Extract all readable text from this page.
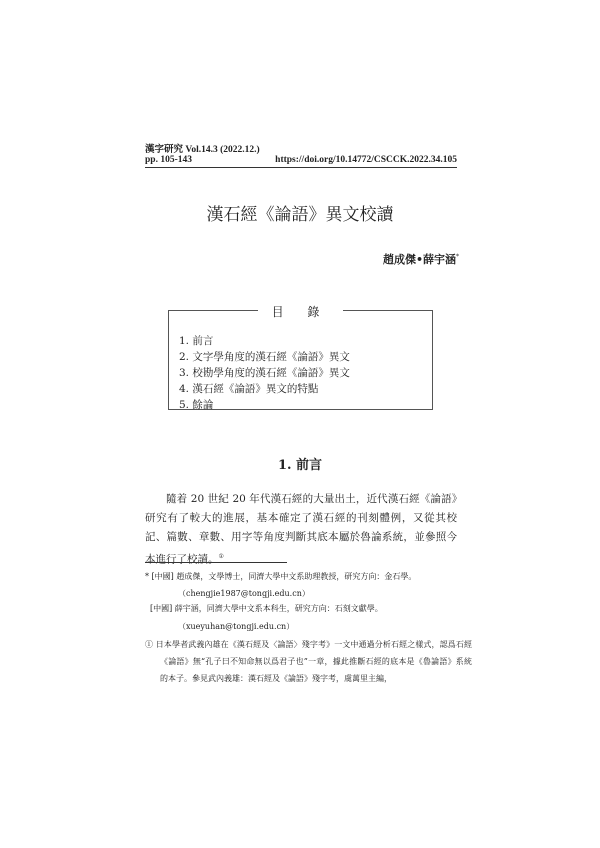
漢字研究 Vol.14.3 (2022.12.)
pp. 105-143	https://doi.org/10.14772/CSCCK.2022.34.105
漢石經《論語》異文校讀
趙成傑•薛宇涵*
目 錄
1. 前言
2. 文字學角度的漢石經《論語》異文
3. 校勘學角度的漢石經《論語》異文
4. 漢石經《論語》異文的特點
5. 餘論
1. 前言

隨着 20 世紀 20 年代漢石經的大量出土，近代漢石經《論語》研究有了較大的進展，基本確定了漢石經的刊刻體例，又從其校記、篇數、章數、用字等角度判斷其底本屬於魯論系統，並參照今本進行了校讀。①

* [中國] 趙成傑，文學博士，同濟大學中文系助理教授，研究方向：金石學。

（chengjie1987@tongji.edu.cn）

[中國] 薛宇涵，同濟大學中文系本科生，研究方向：石刻文獻學。

（xueyuhan@tongji.edu.cn）

① 日本學者武義內雄在《漢石經及〈論語〉殘字考》一文中通過分析石經之樣式，認爲石經《論語》無“孔子曰不知命無以爲君子也”一章，據此推斷石經的底本是《魯論語》系統的本子。參見武內義雄：漢石經及《論語》殘字考，虞萬里主編，
